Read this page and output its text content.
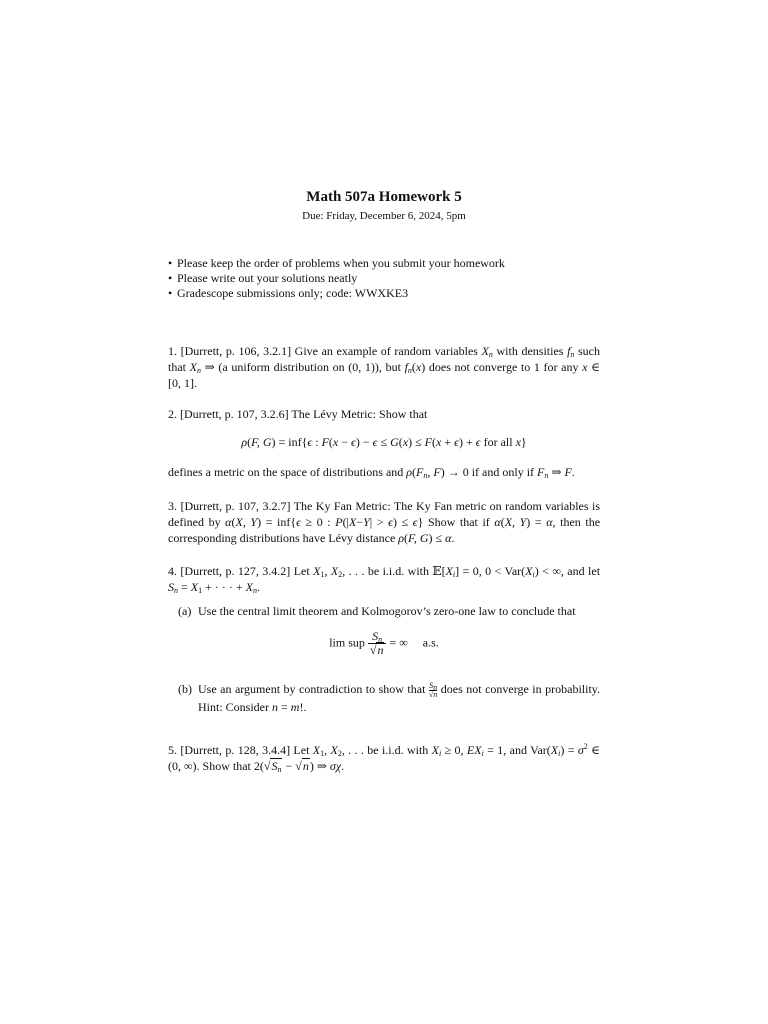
Math 507a Homework 5
Due: Friday, December 6, 2024, 5pm
• Please keep the order of problems when you submit your homework
• Please write out your solutions neatly
• Gradescope submissions only; code: WWXKE3

1. [Durrett, p. 106, 3.2.1] Give an example of random variables $X_n$ with densities $f_n$ such that $X_n$ ⇒ (a uniform distribution on (0, 1)), but $f_n(x)$ does not converge to 1 for any x ∈ [0, 1].

2. [Durrett, p. 107, 3.2.6] The Lévy Metric: Show that

ρ(F, G) = inf{ϵ : F(x − ϵ) − ϵ ≤ G(x) ≤ F(x + ϵ) + ϵ for all x}

defines a metric on the space of distributions and $\rho(F_n$, F) → 0 if and only if $F_n$ ⇒ F.

3. [Durrett, p. 107, 3.2.7] The Ky Fan Metric: The Ky Fan metric on random variables is defined by α(X, Y) = inf{ϵ ≥ 0 : P(|X−Y| > ϵ) ≤ ϵ} Show that if α(X, Y) = α, then the corresponding distributions have Lévy distance ρ(F, G) ≤ α.

4. [Durrett, p. 127, 3.4.2] Let $X_1$, $X_2$, . . . be i.i.d. with $𝔼[X_i] = 0$, $0 < Var(X_i)$ < ∞, and let $S_n = X_1$ + · · · + $X_n$.

(a) Use the central limit theorem and Kolmogorov’s zero-one law to conclude that
lim sup $\frac{S_n}{√n}$ = ∞     a.s.
(b) Use an argument by contradiction to show that $\frac{S_n}{√n}$ does not converge in probability. Hint: Consider n = m!.

5. [Durrett, p. 128, 3.4.4] Let $X_1$, $X_2$, . . . be i.i.d. with $X_i \ge 0$, $EX_i = 1$, and $Var(X_i) = \sigma^2$ ∈ (0, ∞). Show that $2(√S_n - √n)$ ⇒ σχ.
